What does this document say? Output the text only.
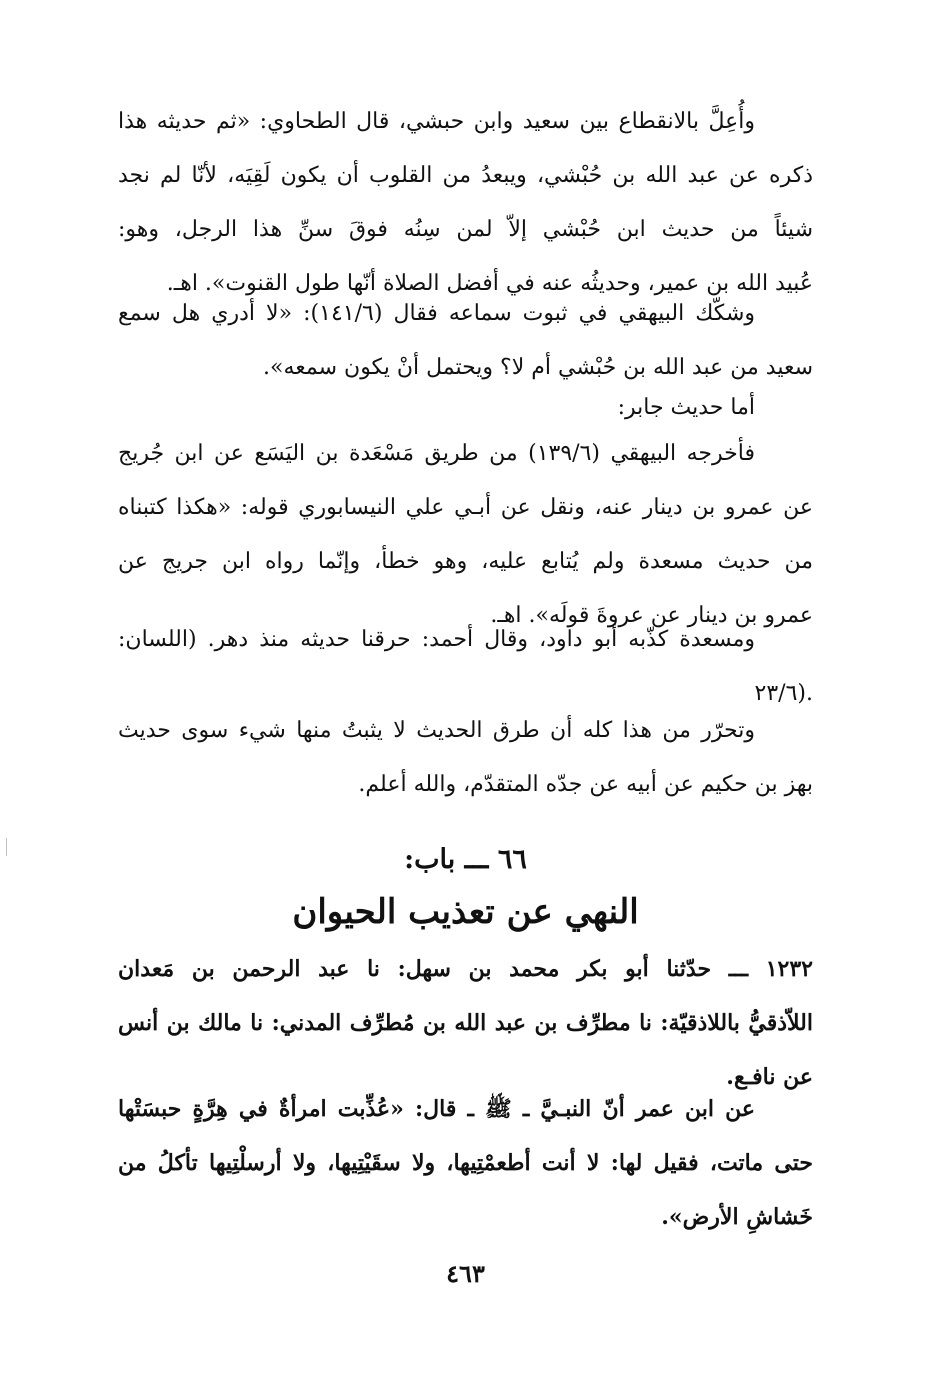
وأُعِلَّ بالانقطاع بين سعيد وابن حبشي، قال الطحاوي: «ثم حديثه هذا
ذكره عن عبد الله بن حُبْشي، ويبعدُ من القلوب أن يكون لَقِيَه، لأنّا لم نجد
شيئاً من حديث ابن حُبْشي إلاّ لمن سِنُه فوقَ سنِّ هذا الرجل، وهو:
عُبيد الله بن عمير، وحديثُه عنه في أفضل الصلاة أنّها طول القنوت». اهـ.
وشكّك البيهقي في ثبوت سماعه فقال (١٤١/٦): «لا أدري هل سمع
سعيد من عبد الله بن حُبْشي أم لا؟ ويحتمل أنْ يكون سمعه».
أما حديث جابر:
فأخرجه البيهقي (١٣٩/٦) من طريق مَسْعَدة بن اليَسَع عن ابن جُريج
عن عمرو بن دينار عنه، ونقل عن أبـي علي النيسابوري قوله: «هكذا كتبناه
من حديث مسعدة ولم يُتابع عليه، وهو خطأ، وإنّما رواه ابن جريج عن
عمرو بن دينار عن عروةَ قولَه». اهـ.
ومسعدة كذّبه أبو داود، وقال أحمد: حرقنا حديثه منذ دهر. (اللسان:
.(٢٣/٦
وتحرّر من هذا كله أن طرق الحديث لا يثبتُ منها شيء سوى حديث
بهز بن حكيم عن أبيه عن جدّه المتقدّم، والله أعلم.
٦٦ ـــ باب:
النهي عن تعذيب الحيوان
١٢٣٢ ـــ حدّثنا أبو بكر محمد بن سهل: نا عبد الرحمن بن مَعدان
اللاّذقيُّ باللاذقيّة: نا مطرِّف بن عبد الله بن مُطرِّف المدني: نا مالك بن أنس
عن نافـع.
عن ابن عمر أنّ النبـيَّ ـ ﷺ ـ قال: «عُذِّبت امرأةٌ في هِرَّةٍ حبسَتْها
حتى ماتت، فقيل لها: لا أنت أطعمْتِيها، ولا سقَيْتِيها، ولا أرسلْتِيها تأكلُ من
خَشاشِ الأرض».
٤٦٣
